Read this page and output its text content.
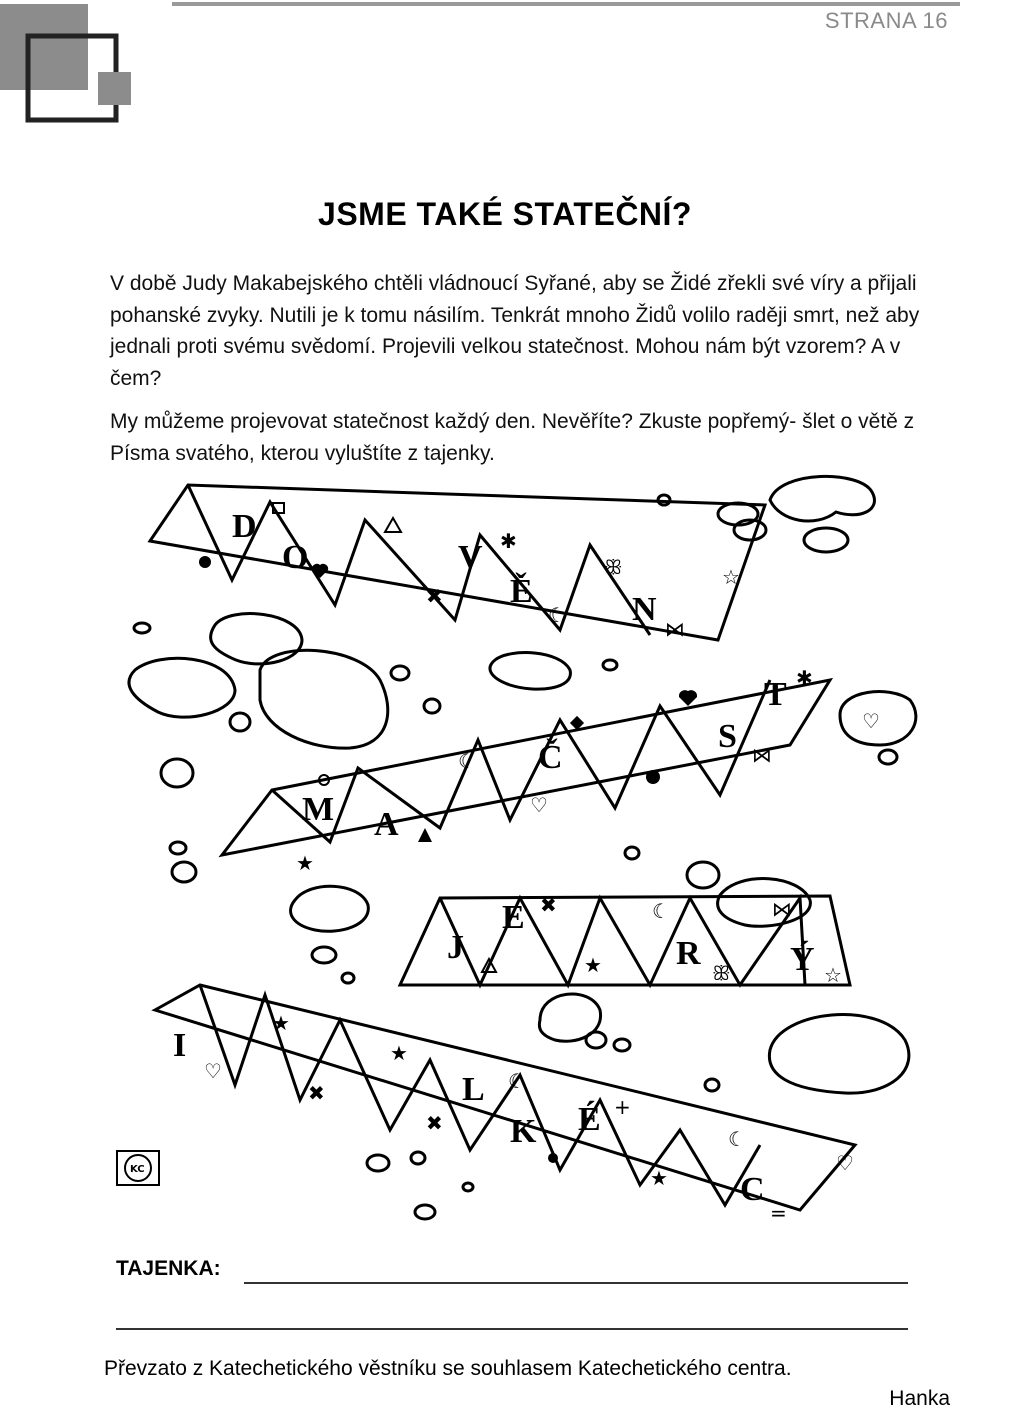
STRANA 16
JSME TAKÉ STATEČNÍ?
V době Judy Makabejského chtěli vládnoucí Syřané, aby se Židé zřekli své víry a přijali pohanské zvyky. Nutili je k tomu násilím. Tenkrát mnoho Židů volilo raději smrt, než aby jednali proti svému svědomí. Projevili velkou statečnost. Mohou nám být vzorem? A v čem?
My můžeme projevovat statečnost každý den. Nevěříte? Zkuste popřemý- šlet o větě z Písma svatého, kterou vyluštíte z tajenky.
D
O	V
Ě	N
T
S
Č
M A
J
E
R	Ý
I
L
K É
C
✖
✱
☾
ꕥ	☆
⋈
☾
✱
♡
⋈
♡
★
✖	☾	⋈
★	ꕥ	☆
♡
★
★
✖	☾
✖
+
☾
★
♡
=
KC
TAJENKA:
Převzato z Katechetického věstníku se souhlasem Katechetického centra.
Hanka
